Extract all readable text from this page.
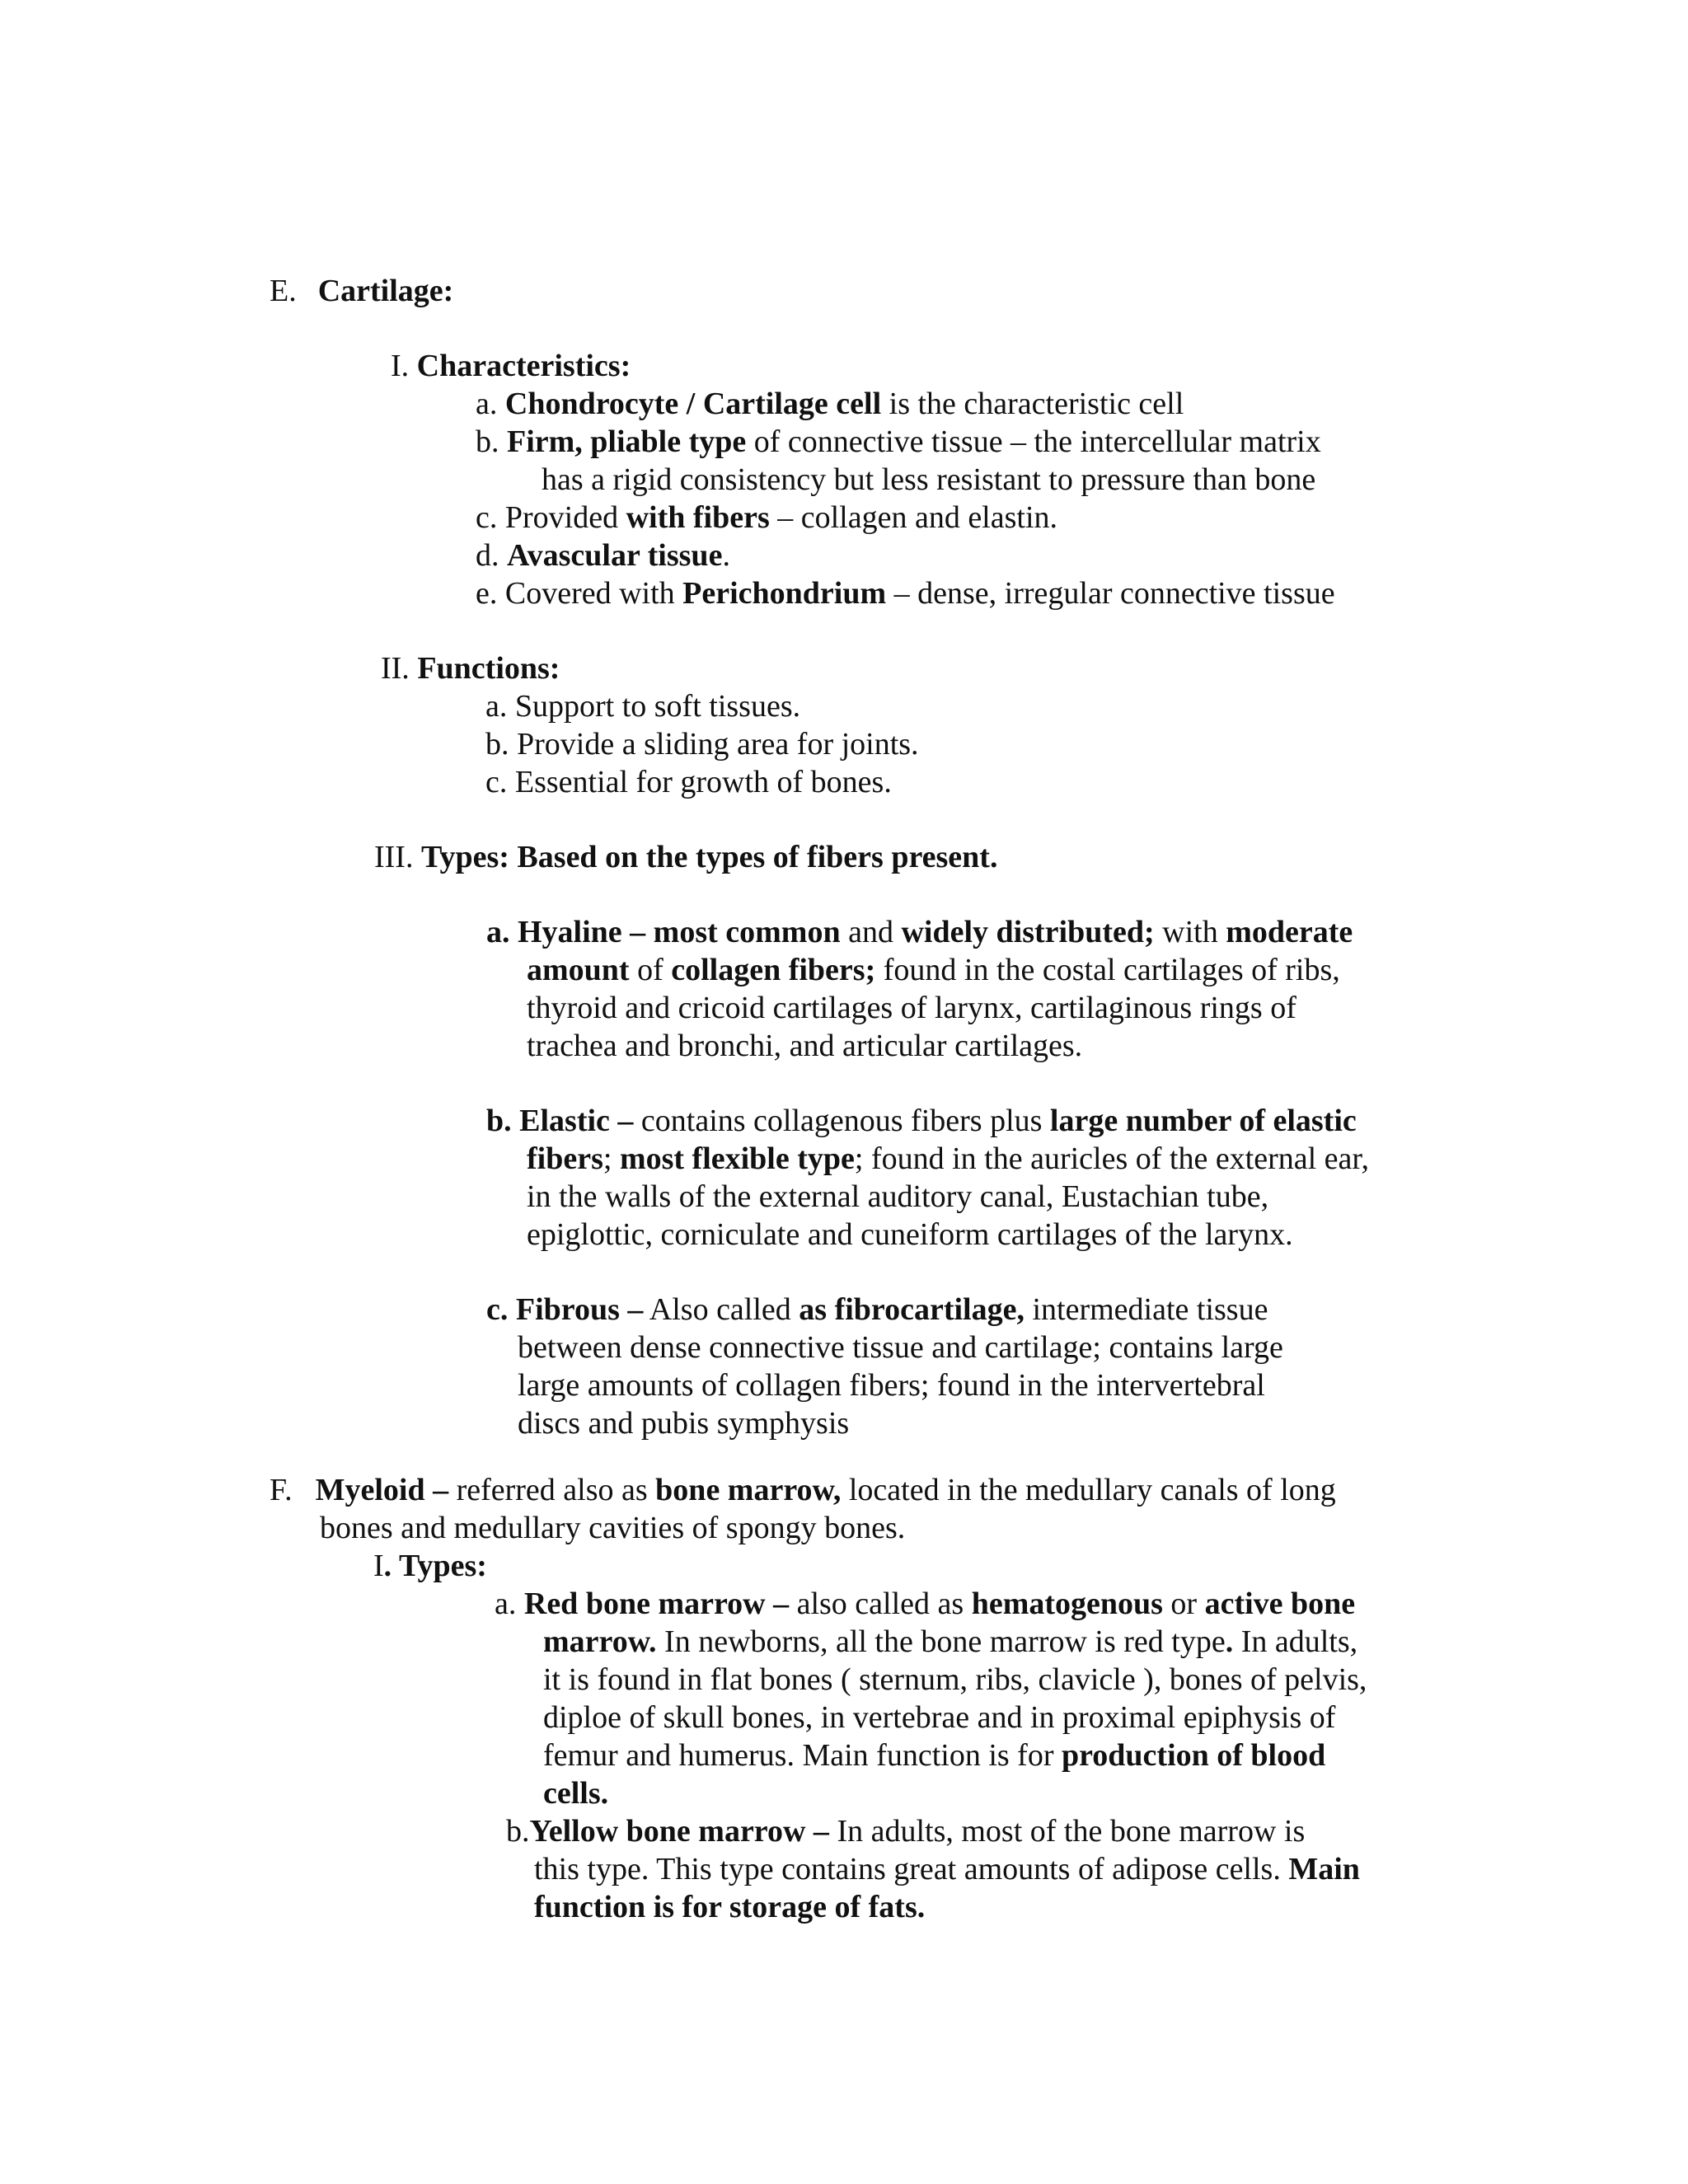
E. Cartilage:

I. Characteristics:

a. Chondrocyte / Cartilage cell is the characteristic cell

b. Firm, pliable type of connective tissue – the intercellular matrix

has a rigid consistency but less resistant to pressure than bone

c. Provided with fibers – collagen and elastin.

d. Avascular tissue.

e. Covered with Perichondrium – dense, irregular connective tissue

II. Functions:

a. Support to soft tissues.

b. Provide a sliding area for joints.

c. Essential for growth of bones.

III. Types: Based on the types of fibers present.

a. Hyaline – most common and widely distributed; with moderate

amount of collagen fibers; found in the costal cartilages of ribs,

thyroid and cricoid cartilages of larynx, cartilaginous rings of

trachea and bronchi, and articular cartilages.

b. Elastic – contains collagenous fibers plus large number of elastic

fibers; most flexible type; found in the auricles of the external ear,

in the walls of the external auditory canal, Eustachian tube,

epiglottic, corniculate and cuneiform cartilages of the larynx.

c. Fibrous – Also called as fibrocartilage, intermediate tissue

between dense connective tissue and cartilage; contains large

large amounts of collagen fibers; found in the intervertebral

discs and pubis symphysis

F. Myeloid – referred also as bone marrow, located in the medullary canals of long

bones and medullary cavities of spongy bones.

I. Types:

a. Red bone marrow – also called as hematogenous or active bone

marrow. In newborns, all the bone marrow is red type. In adults,

it is found in flat bones ( sternum, ribs, clavicle ), bones of pelvis,

diploe of skull bones, in vertebrae and in proximal epiphysis of

femur and humerus. Main function is for production of blood

cells.

b.Yellow bone marrow – In adults, most of the bone marrow is

this type. This type contains great amounts of adipose cells. Main

function is for storage of fats.
